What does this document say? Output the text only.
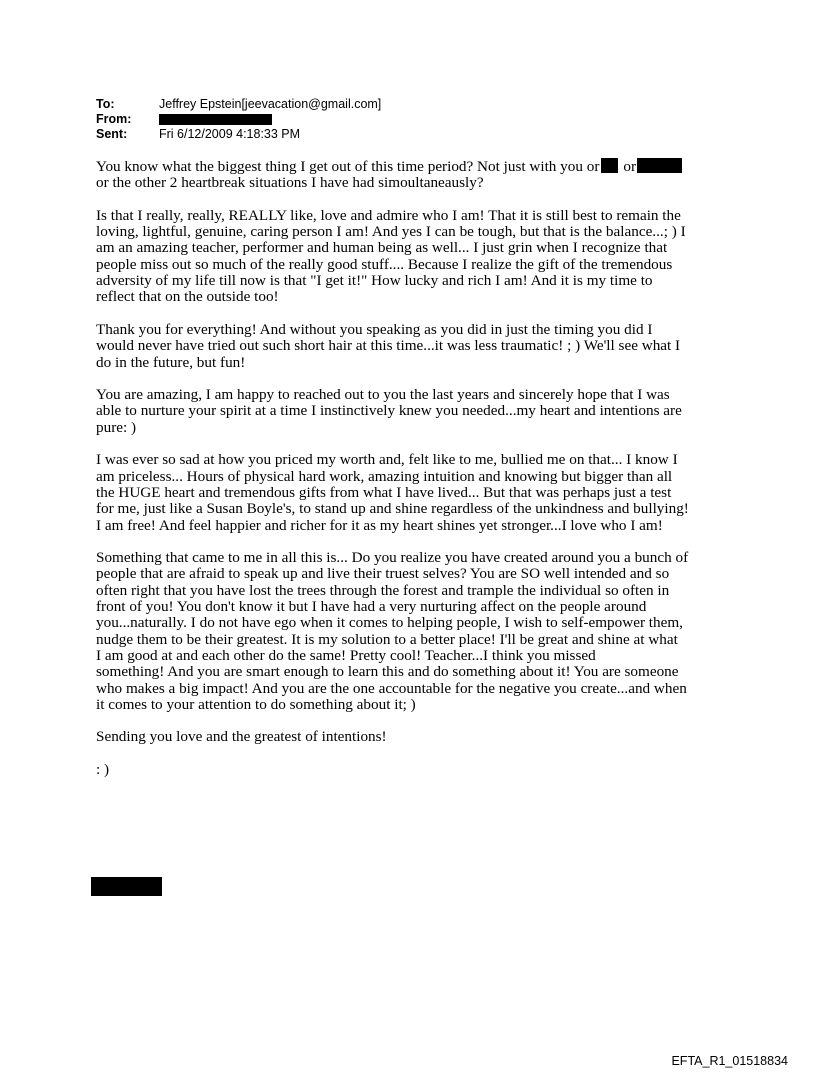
To:	Jeffrey Epstein[jeevacation@gmail.com]
From:
Sent:	Fri 6/12/2009 4:18:33 PM
You know what the biggest thing I get out of this time period? Not just with you or or
or the other 2 heartbreak situations I have had simoultaneausly?
Is that I really, really, REALLY like, love and admire who I am! That it is still best to remain the
loving, lightful, genuine, caring person I am! And yes I can be tough, but that is the balance...; ) I
am an amazing teacher, performer and human being as well... I just grin when I recognize that
people miss out so much of the really good stuff.... Because I realize the gift of the tremendous
adversity of my life till now is that "I get it!" How lucky and rich I am! And it is my time to
reflect that on the outside too!
Thank you for everything! And without you speaking as you did in just the timing you did I
would never have tried out such short hair at this time...it was less traumatic! ; ) We'll see what I
do in the future, but fun!
You are amazing, I am happy to reached out to you the last years and sincerely hope that I was
able to nurture your spirit at a time I instinctively knew you needed...my heart and intentions are
pure: )
I was ever so sad at how you priced my worth and, felt like to me, bullied me on that... I know I
am priceless... Hours of physical hard work, amazing intuition and knowing but bigger than all
the HUGE heart and tremendous gifts from what I have lived... But that was perhaps just a test
for me, just like a Susan Boyle's, to stand up and shine regardless of the unkindness and bullying!
I am free! And feel happier and richer for it as my heart shines yet stronger...I love who I am!
Something that came to me in all this is... Do you realize you have created around you a bunch of
people that are afraid to speak up and live their truest selves? You are SO well intended and so
often right that you have lost the trees through the forest and trample the individual so often in
front of you! You don't know it but I have had a very nurturing affect on the people around
you...naturally. I do not have ego when it comes to helping people, I wish to self-empower them,
nudge them to be their greatest. It is my solution to a better place! I'll be great and shine at what
I am good at and each other do the same! Pretty cool! Teacher...I think you missed
something! And you are smart enough to learn this and do something about it! You are someone
who makes a big impact! And you are the one accountable for the negative you create...and when
it comes to your attention to do something about it; )
Sending you love and the greatest of intentions!
: )
EFTA_R1_01518834
